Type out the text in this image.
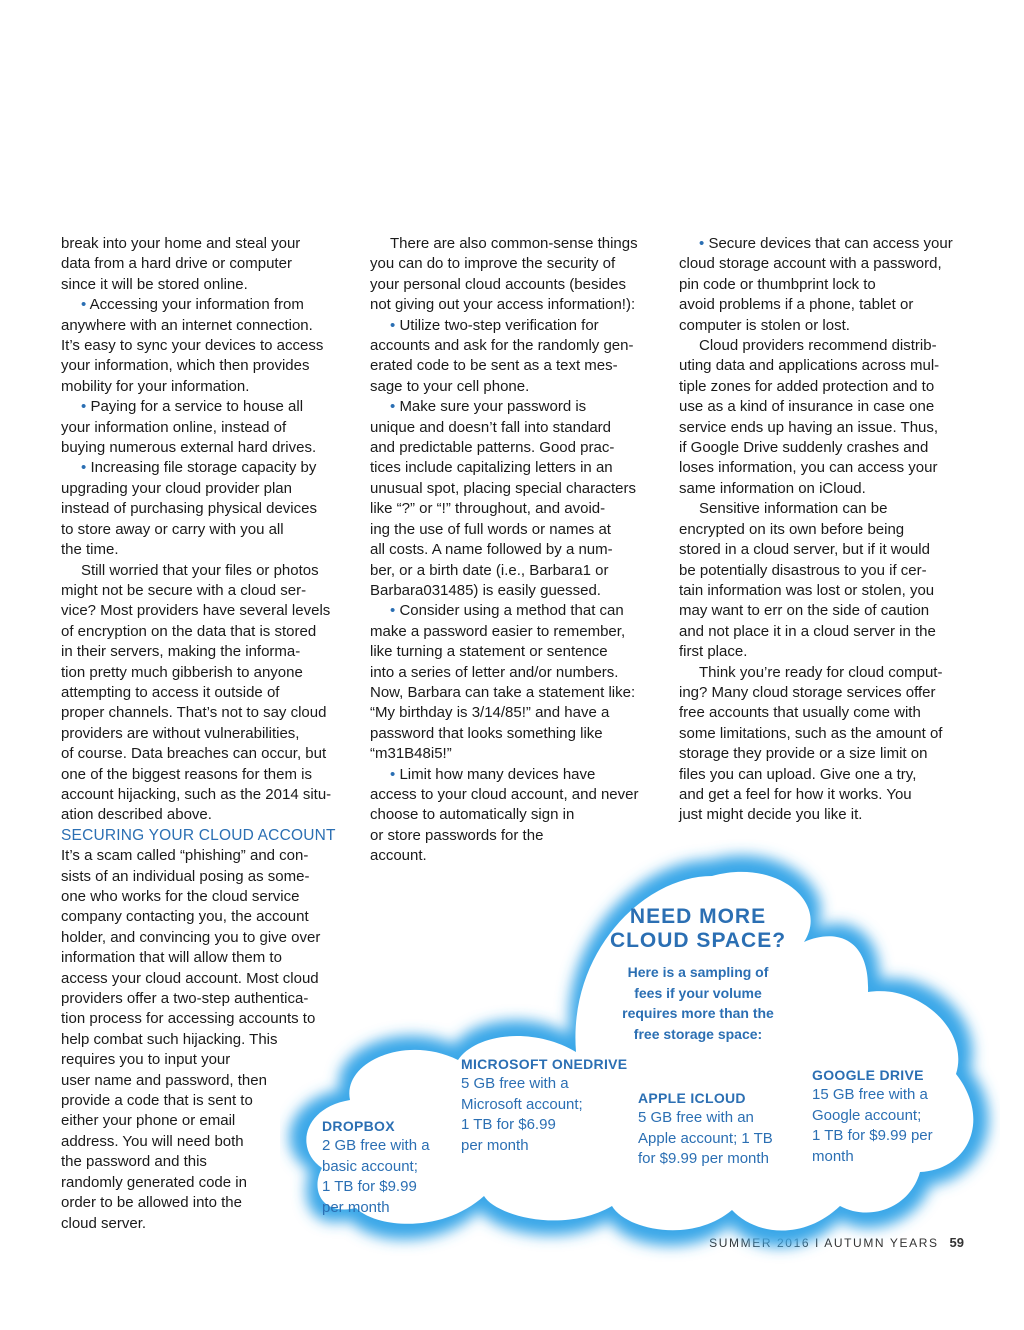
break into your home and steal your
data from a hard drive or computer
since it will be stored online.

• Accessing your information from
anywhere with an internet connection.
It’s easy to sync your devices to access
your information, which then provides
mobility for your information.

• Paying for a service to house all
your information online, instead of
buying numerous external hard drives.

• Increasing file storage capacity by
upgrading your cloud provider plan
instead of purchasing physical devices
to store away or carry with you all
the time.

Still worried that your files or photos
might not be secure with a cloud ser-
vice? Most providers have several levels
of encryption on the data that is stored
in their servers, making the informa-
tion pretty much gibberish to anyone
attempting to access it outside of
proper channels. That’s not to say cloud
providers are without vulnerabilities,
of course. Data breaches can occur, but
one of the biggest reasons for them is
account hijacking, such as the 2014 situ-
ation described above.

SECURING YOUR CLOUD ACCOUNT

It’s a scam called “phishing” and con-
sists of an individual posing as some-
one who works for the cloud service
company contacting you, the account
holder, and convincing you to give over
information that will allow them to
access your cloud account. Most cloud
providers offer a two-step authentica-
tion process for accessing accounts to
help combat such hijacking. This
requires you to input your
user name and password, then
provide a code that is sent to
either your phone or email
address. You will need both
the password and this
randomly generated code in
order to be allowed into the
cloud server.

There are also common-sense things
you can do to improve the security of
your personal cloud accounts (besides
not giving out your access information!):

• Utilize two-step verification for
accounts and ask for the randomly gen-
erated code to be sent as a text mes-
sage to your cell phone.

• Make sure your password is
unique and doesn’t fall into standard
and predictable patterns. Good prac-
tices include capitalizing letters in an
unusual spot, placing special characters
like “?” or “!” throughout, and avoid-
ing the use of full words or names at
all costs. A name followed by a num-
ber, or a birth date (i.e., Barbara1 or
Barbara031485) is easily guessed.

• Consider using a method that can
make a password easier to remember,
like turning a statement or sentence
into a series of letter and/or numbers.
Now, Barbara can take a statement like:
“My birthday is 3/14/85!” and have a
password that looks something like
“m31B48i5!”

• Limit how many devices have
access to your cloud account, and never
choose to automatically sign in
or store passwords for the
account.

• Secure devices that can access your
cloud storage account with a password,
pin code or thumbprint lock to
avoid problems if a phone, tablet or
computer is stolen or lost.

Cloud providers recommend distrib-
uting data and applications across mul-
tiple zones for added protection and to
use as a kind of insurance in case one
service ends up having an issue. Thus,
if Google Drive suddenly crashes and
loses information, you can access your
same information on iCloud.

Sensitive information can be
encrypted on its own before being
stored in a cloud server, but if it would
be potentially disastrous to you if cer-
tain information was lost or stolen, you
may want to err on the side of caution
and not place it in a cloud server in the
first place.

Think you’re ready for cloud comput-
ing? Many cloud storage services offer
free accounts that usually come with
some limitations, such as the amount of
storage they provide or a size limit on
files you can upload. Give one a try,
and get a feel for how it works. You
just might decide you like it.

NEED MORE
CLOUD SPACE?

Here is a sampling of
fees if your volume
requires more than the
free storage space:

DROPBOX
2 GB free with a
basic account;
1 TB for $9.99
per month
MICROSOFT ONEDRIVE
5 GB free with a
Microsoft account;
1 TB for $6.99
per month
APPLE ICLOUD
5 GB free with an
Apple account; 1 TB
for $9.99 per month
GOOGLE DRIVE
15 GB free with a
Google account;
1 TB for $9.99 per
month
SUMMER 2016 I AUTUMN YEARS 59
